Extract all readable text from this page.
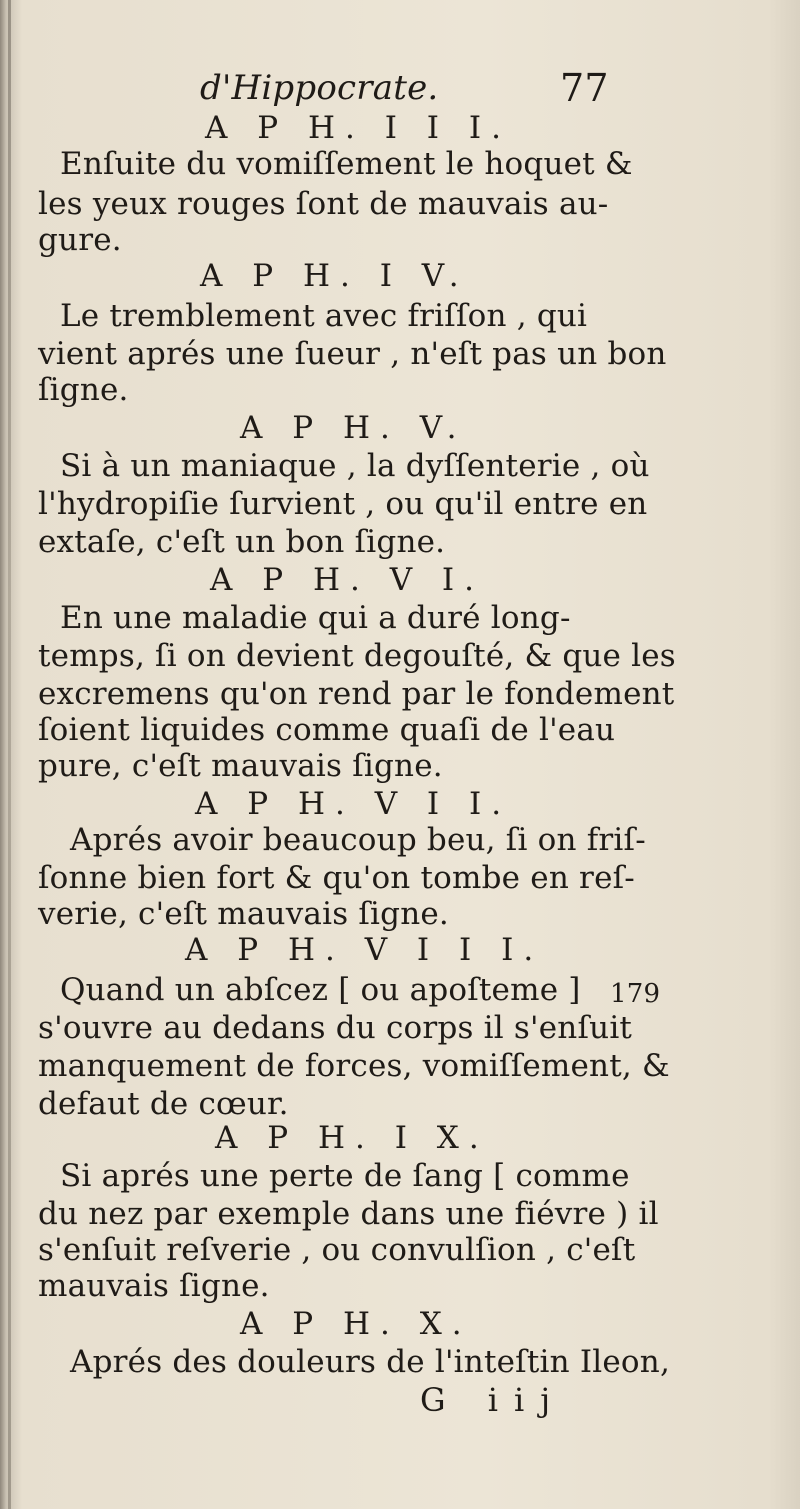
d'Hippocrate.	77
A P H. I I I.
Enſuite du vomiſſement le hoquet &
les yeux rouges ſont de mauvais au-
gure.
A P H. I V.
Le tremblement avec friſſon , qui
vient aprés une ſueur , n'eſt pas un bon
ſigne.
A P H. V.
Si à un maniaque , la dyſſenterie , où
l'hydropiſie ſurvient , ou qu'il entre en
extaſe, c'eſt un bon ſigne.
A P H. V I.
En une maladie qui a duré long-
temps, ſi on devient degouſté, & que les
excremens qu'on rend par le fondement
ſoient liquides comme quaſi de l'eau
pure, c'eſt mauvais ſigne.
A P H. V I I.
Aprés avoir beaucoup beu, ſi on friſ-
ſonne bien fort & qu'on tombe en reſ-
verie, c'eſt mauvais ſigne.
A P H. V I I I.
Quand un abſcez [ ou apoſteme ] 179
s'ouvre au dedans du corps il s'enſuit
manquement de forces, vomiſſement, &
defaut de cœur.
A P H. I X.
Si aprés une perte de ſang [ comme
du nez par exemple dans une fiévre ) il
s'enſuit reſverie , ou convulſion , c'eſt
mauvais ſigne.
A P H. X.
Aprés des douleurs de l'inteſtin Ileon,
G iij
